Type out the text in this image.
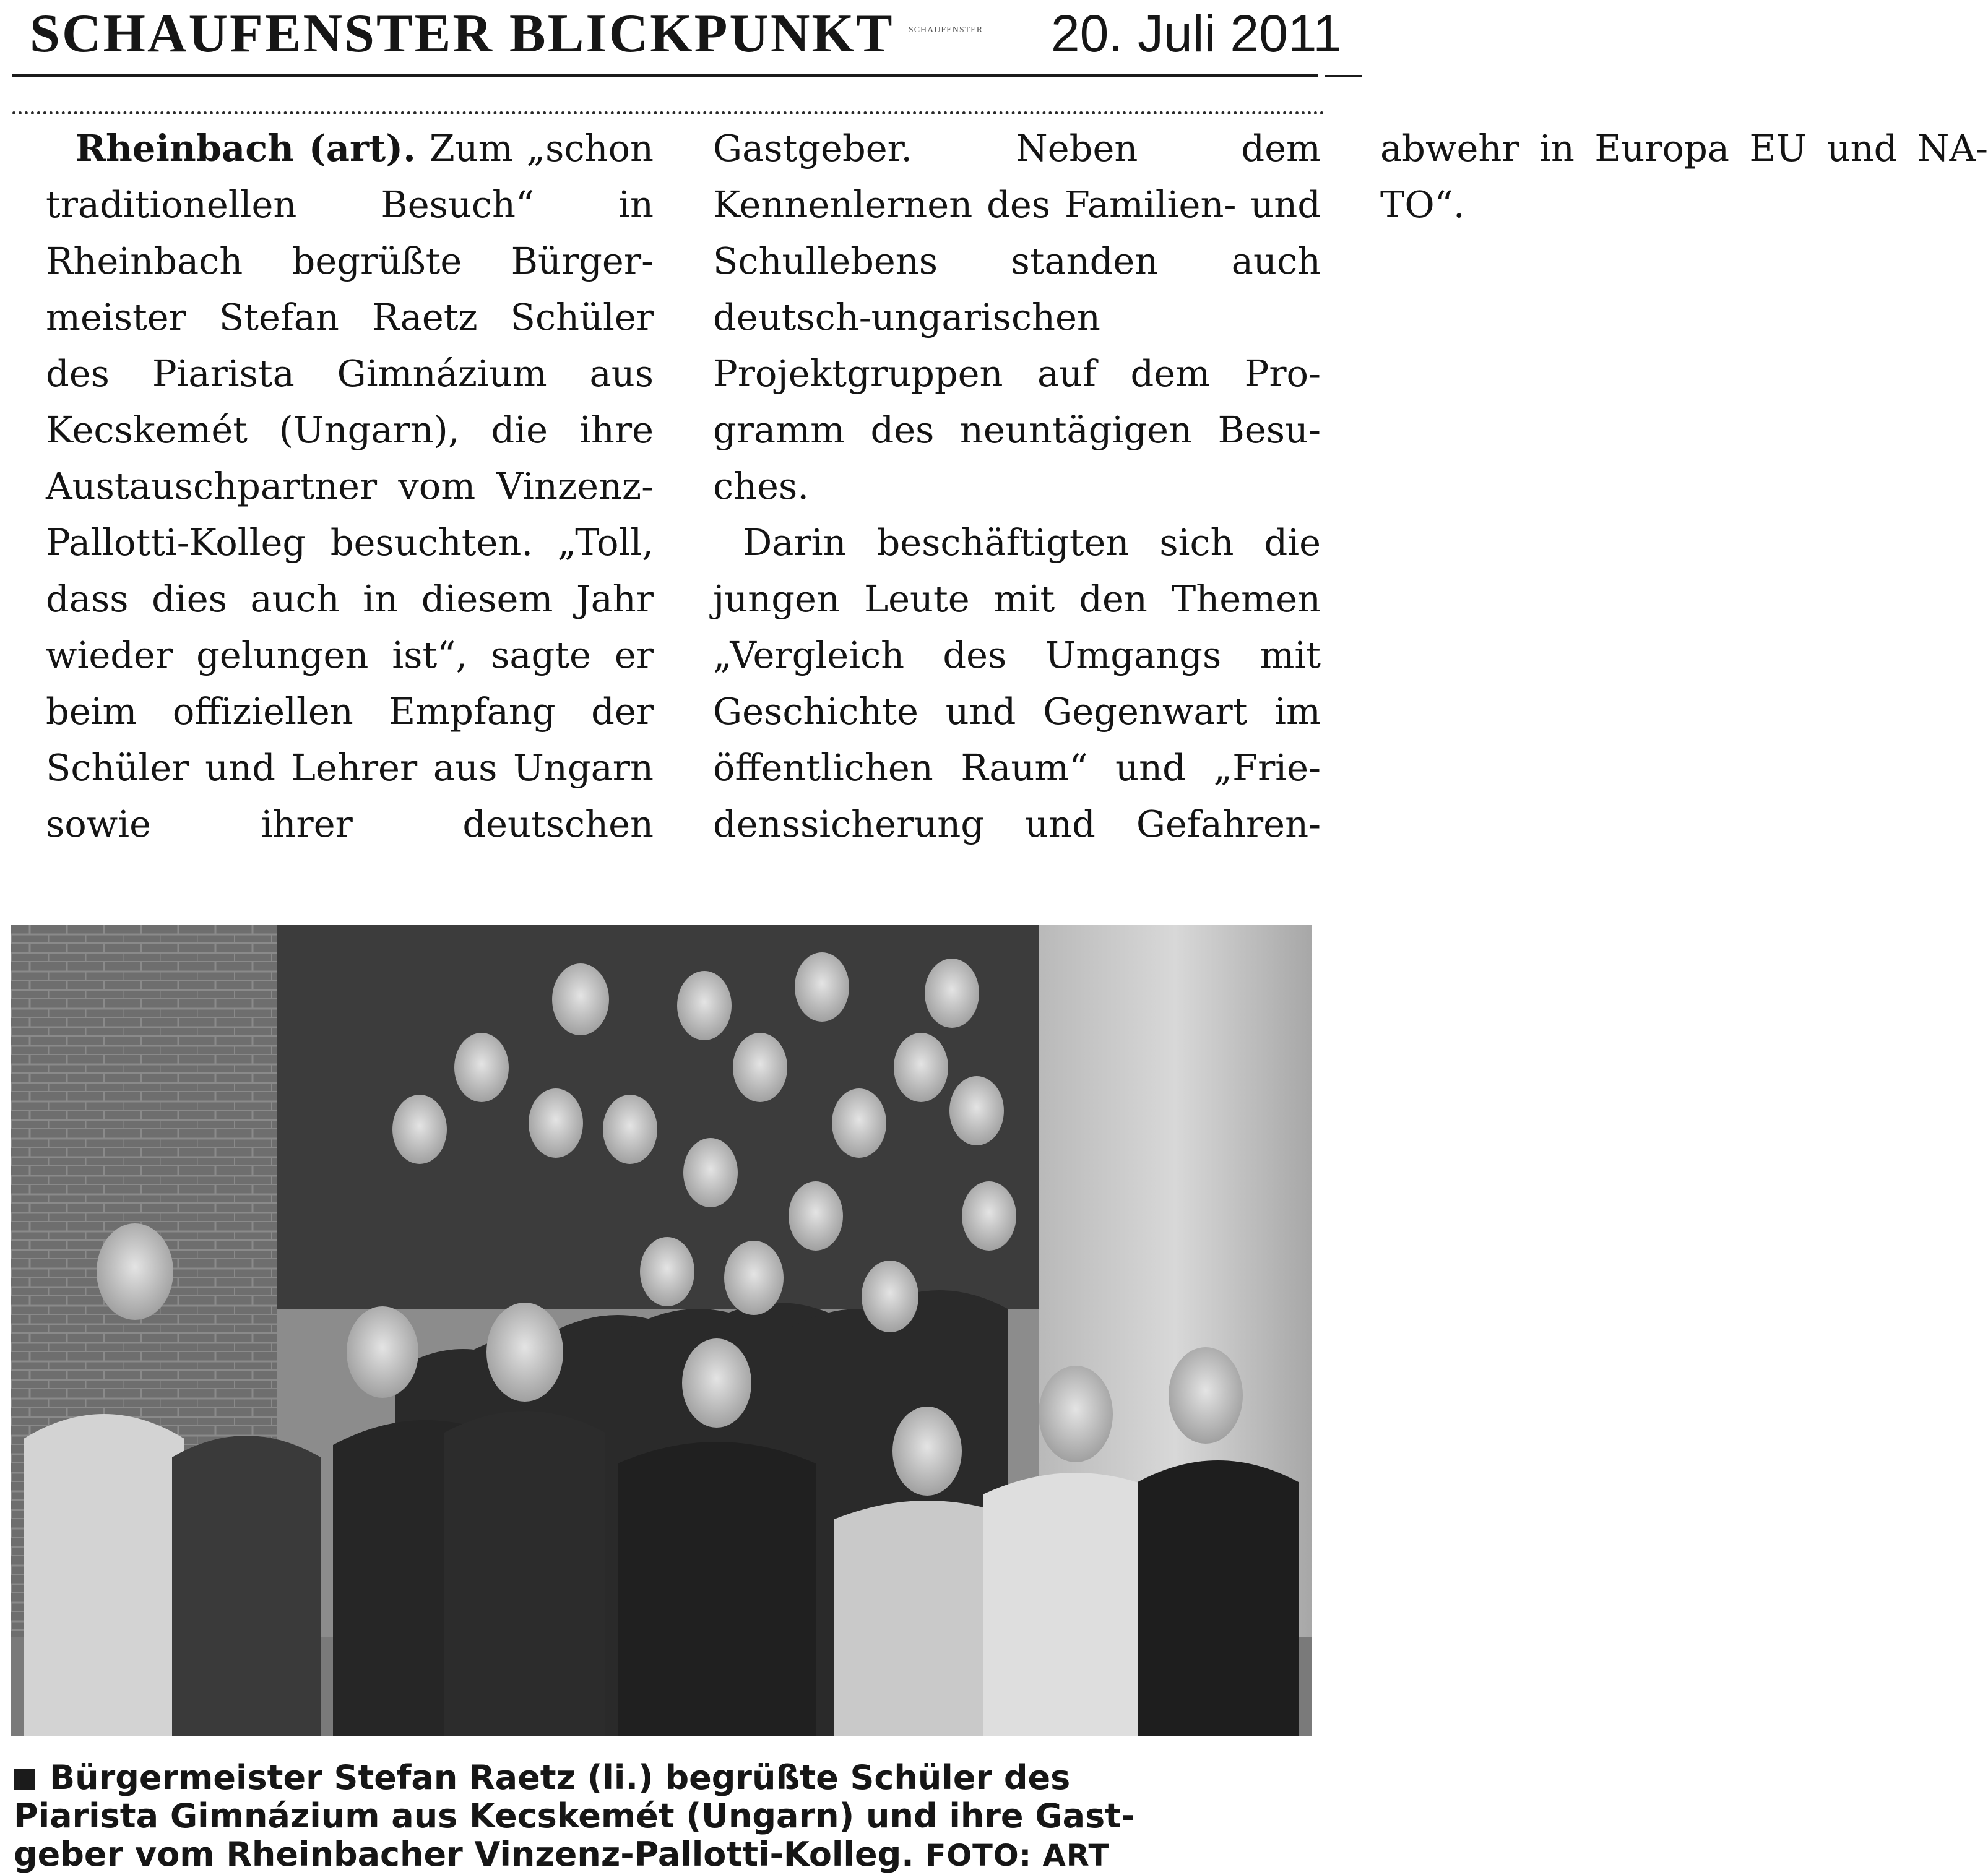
SCHAUFENSTER BLICKPUNKT	SCHAUFENSTER	20. Juli 2011

Rheinbach (art). Zum „schon traditionellen Besuch“ in Rheinbach begrüßte Bürgermeister Stefan Raetz Schüler des Piarista Gimnázium aus Kecskemét (Ungarn), die ihre Austauschpartner vom Vinzenz-Pallotti-Kolleg besuchten. „Toll, dass dies auch in diesem Jahr wieder gelungen ist“, sagte er beim offiziellen Empfang der Schüler und Lehrer aus Ungarn sowie ihrer deutschen Gastgeber. Neben dem Kennenlernen des Familien- und Schullebens standen auch deutsch-ungarischen Projektgruppen auf dem Programm des neuntägigen Besuches.

Darin beschäftigten sich die jungen Leute mit den Themen „Vergleich des Umgangs mit Geschichte und Gegenwart im öffentlichen Raum“ und „Friedenssicherung und Gefahrenabwehr in Europa EU und NATO“.

Bürgermeister Stefan Raetz (li.) begrüßte Schüler des
Piarista Gimnázium aus Kecskemét (Ungarn) und ihre Gast-
geber vom Rheinbacher Vinzenz-Pallotti-Kolleg. FOTO: ART
